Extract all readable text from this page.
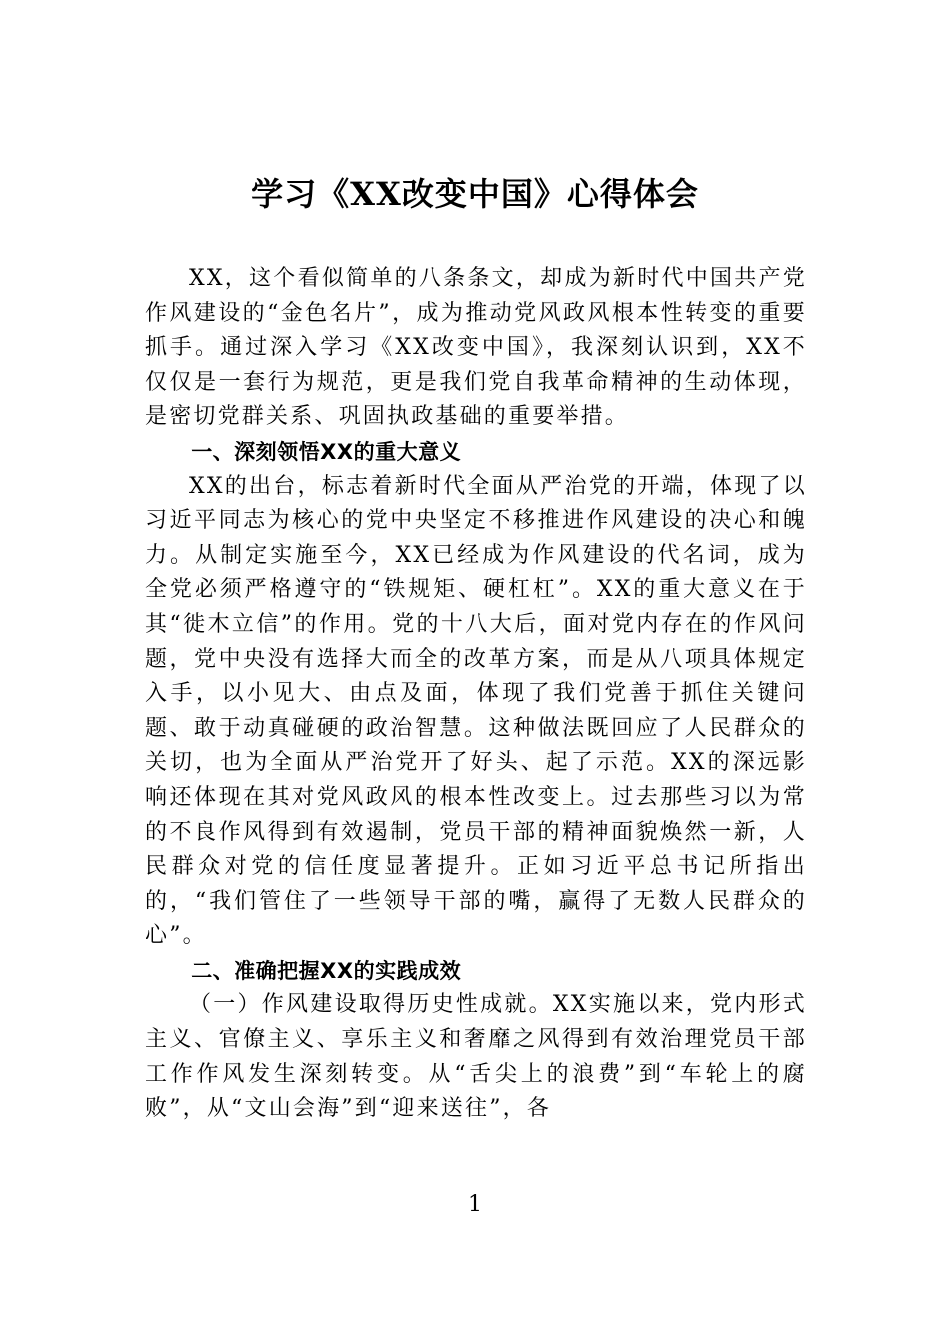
学习《XX改变中国》心得体会

XX，这个看似简单的八条条文，却成为新时代中国共产党作风建设的“金色名片”，成为推动党风政风根本性转变的重要抓手。通过深入学习《XX改变中国》，我深刻认识到，XX不仅仅是一套行为规范，更是我们党自我革命精神的生动体现，是密切党群关系、巩固执政基础的重要举措。

一、深刻领悟XX的重大意义

XX的出台，标志着新时代全面从严治党的开端，体现了以习近平同志为核心的党中央坚定不移推进作风建设的决心和魄力。从制定实施至今，XX已经成为作风建设的代名词，成为全党必须严格遵守的“铁规矩、硬杠杠”。XX的重大意义在于其“徙木立信”的作用。党的十八大后，面对党内存在的作风问题，党中央没有选择大而全的改革方案，而是从八项具体规定入手，以小见大、由点及面，体现了我们党善于抓住关键问题、敢于动真碰硬的政治智慧。这种做法既回应了人民群众的关切，也为全面从严治党开了好头、起了示范。XX的深远影响还体现在其对党风政风的根本性改变上。过去那些习以为常的不良作风得到有效遏制，党员干部的精神面貌焕然一新，人民群众对党的信任度显著提升。正如习近平总书记所指出的，“我们管住了一些领导干部的嘴，赢得了无数人民群众的心”。

二、准确把握XX的实践成效

（一）作风建设取得历史性成就。XX实施以来，党内形式主义、官僚主义、享乐主义和奢靡之风得到有效治理党员干部工作作风发生深刻转变。从“舌尖上的浪费”到“车轮上的腐败”，从“文山会海”到“迎来送往”，各

1
